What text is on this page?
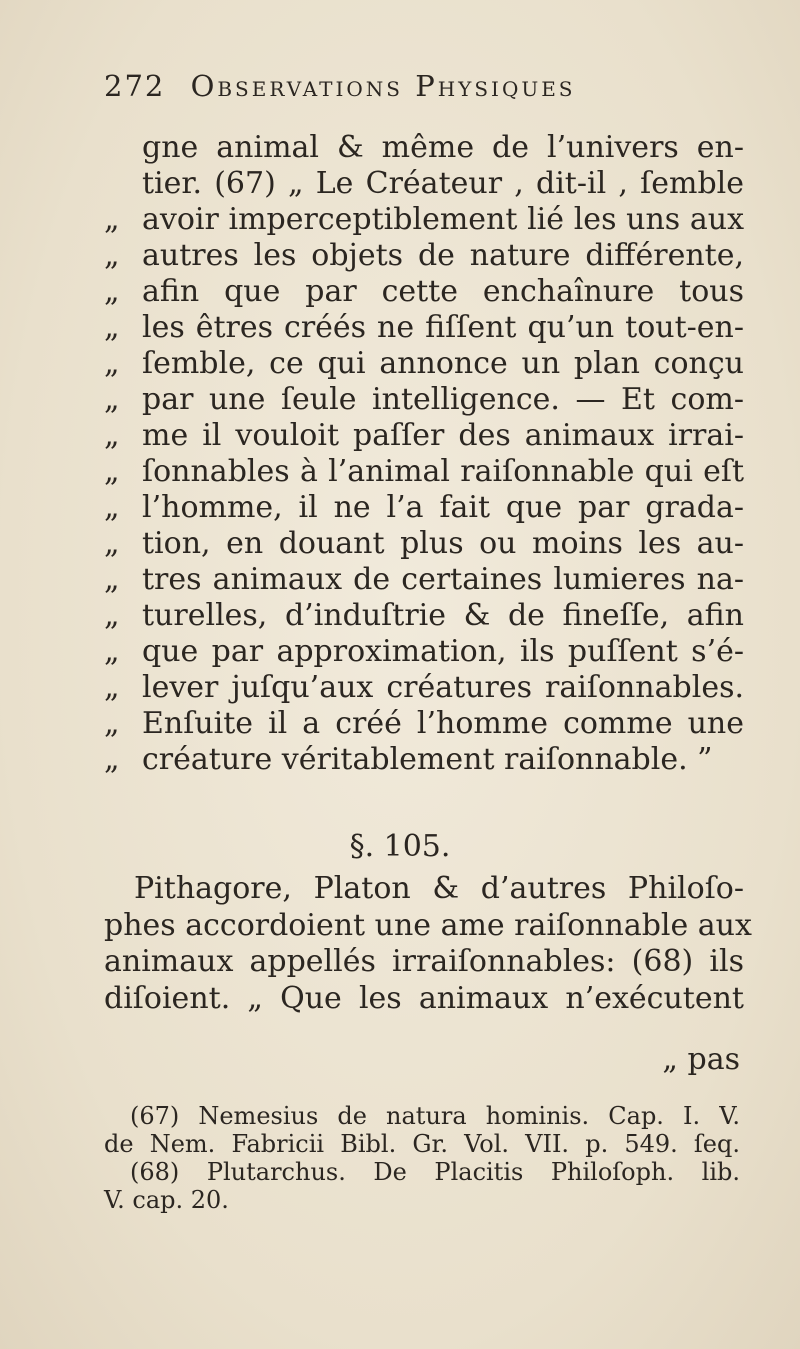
272 Observations Physiques
gne animal & même de l’univers en-
tier. (67) „ Le Créateur , dit-il , ſemble
„ avoir imperceptiblement lié les uns aux
„ autres les objets de nature différente,
„ afin que par cette enchaînure tous
„ les êtres créés ne fiſſent qu’un tout-en-
„ ſemble, ce qui annonce un plan conçu
„ par une ſeule intelligence. — Et com-
„ me il vouloit paſſer des animaux irrai-
„ ſonnables à l’animal raiſonnable qui eſt
„ l’homme, il ne l’a fait que par grada-
„ tion, en douant plus ou moins les au-
„ tres animaux de certaines lumieres na-
„ turelles, d’induſtrie & de fineſſe, afin
„ que par approximation, ils puſſent s’é-
„ lever juſqu’aux créatures raiſonnables.
„ Enſuite il a créé l’homme comme une
„ créature véritablement raiſonnable. ”
§. 105.
Pithagore, Platon & d’autres Philoſo-
phes accordoient une ame raiſonnable aux
animaux appellés irraiſonnables: (68) ils
diſoient. „ Que les animaux n’exécutent
„ pas
(67) Nemesius de natura hominis. Cap. I. V.
de Nem. Fabricii Bibl. Gr. Vol. VII. p. 549. ſeq.
(68) Plutarchus. De Placitis Philoſoph. lib.
V. cap. 20.
